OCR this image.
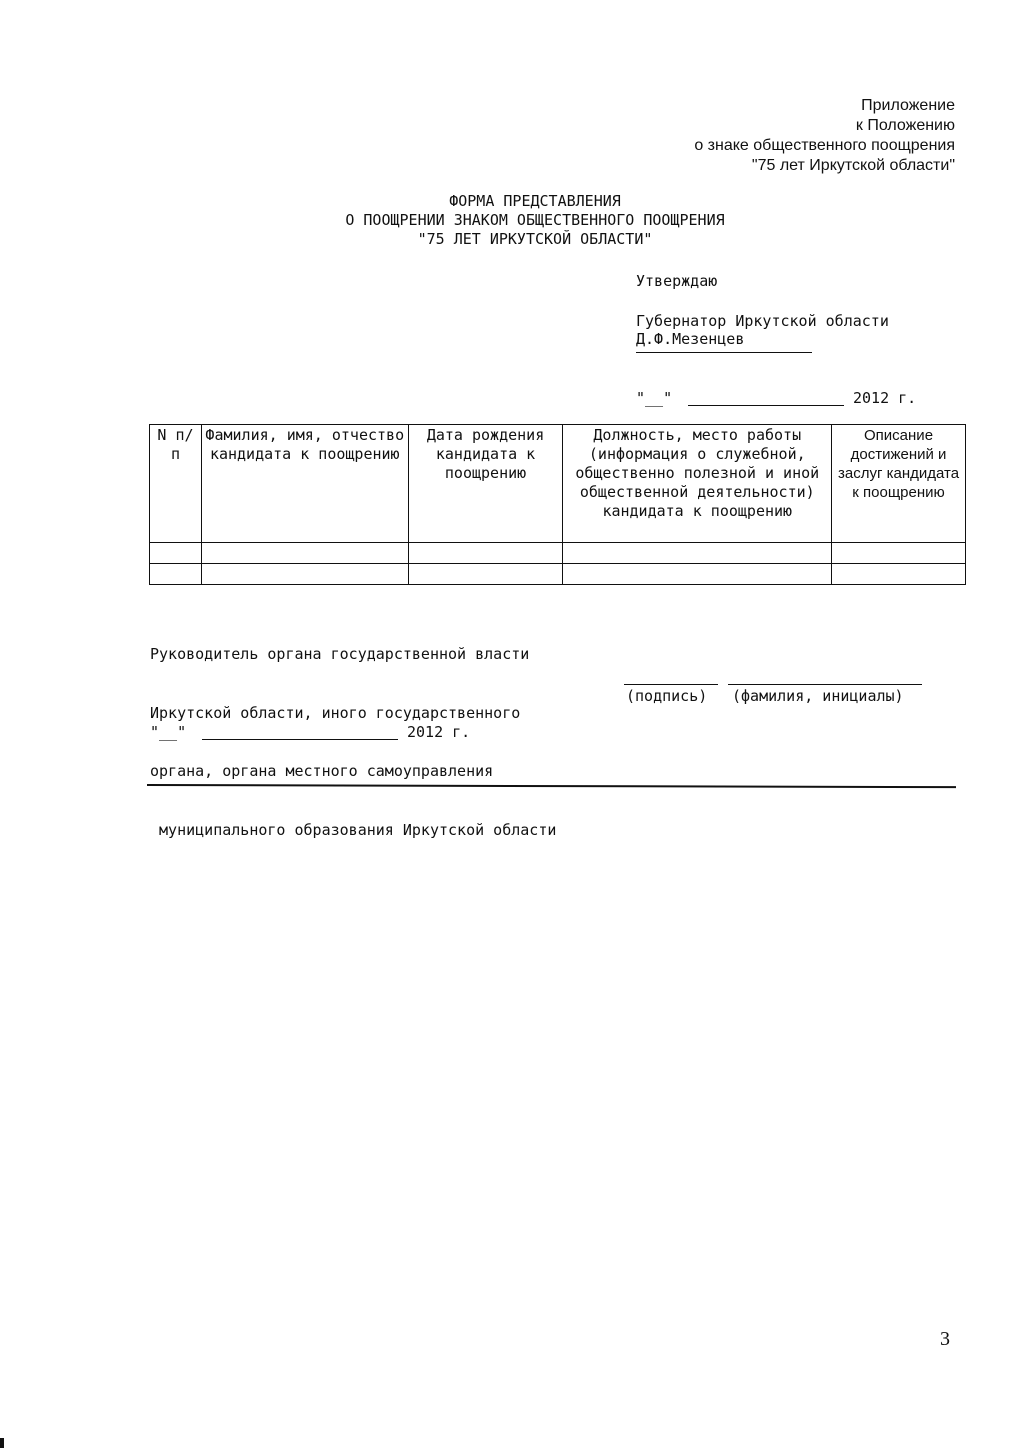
Приложение
к Положению
о знаке общественного поощрения
"75 лет Иркутской области"
ФОРМА ПРЕДСТАВЛЕНИЯ
О ПООЩРЕНИИ ЗНАКОМ ОБЩЕСТВЕННОГО ПООЩРЕНИЯ
"75 ЛЕТ ИРКУТСКОЙ ОБЛАСТИ"
Утверждаю
Губернатор Иркутской области
Д.Ф.Мезенцев
"__"	2012 г.
N п/п	Фамилия, имя, отчество кандидата к поощрению	Дата рождения кандидата к поощрению	Должность, место работы (информация о служебной, общественно полезной и иной общественной деятельности) кандидата к поощрению	Описание достижений и заслуг кандидата к поощрению

Руководитель органа государственной власти

Иркутской области, иного государственного

органа, органа местного самоуправления

муниципального образования Иркутской области

(подпись) (фамилия, инициалы)
"__"	2012 г.
3
